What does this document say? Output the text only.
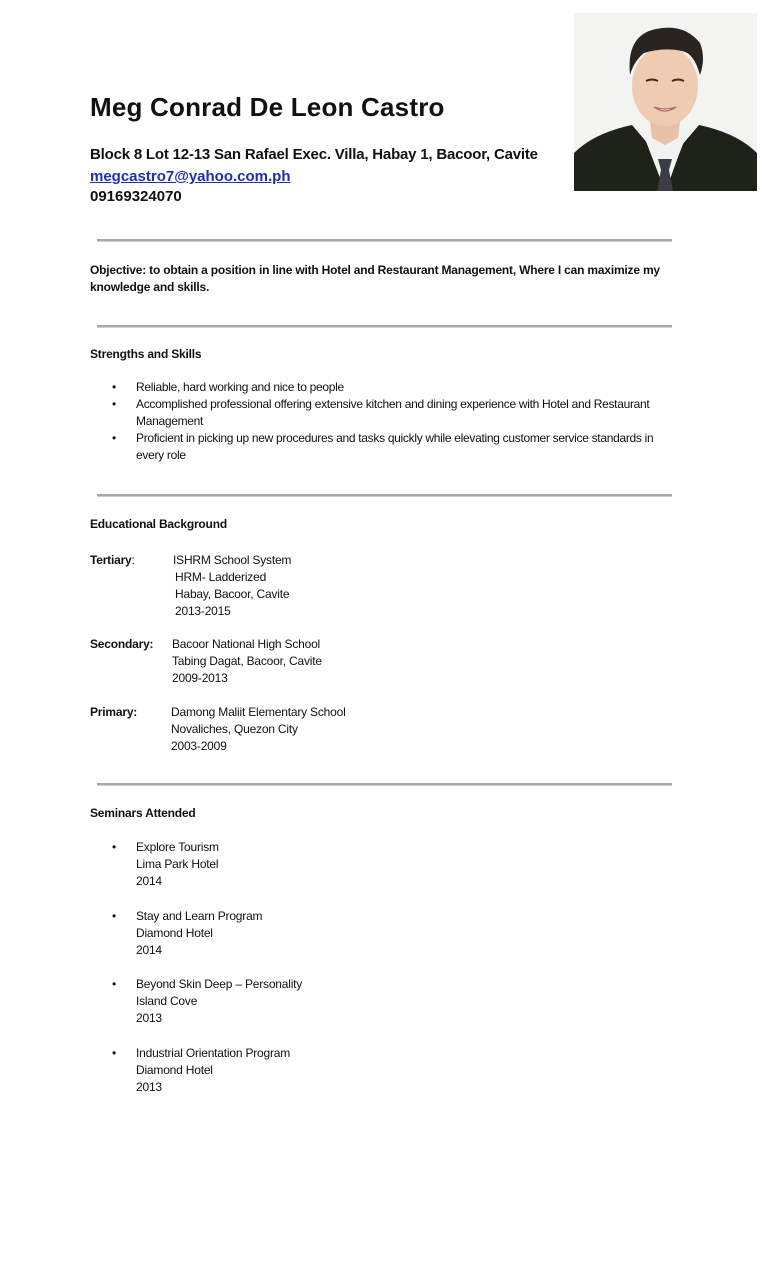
Meg Conrad De Leon Castro
Block 8 Lot 12-13 San Rafael Exec. Villa, Habay 1, Bacoor, Cavite
megcastro7@yahoo.com.ph
09169324070
Objective: to obtain a position in line with Hotel and Restaurant Management, Where I can maximize my knowledge and skills.
Strengths and Skills
• Reliable, hard working and nice to people
• Accomplished professional offering extensive kitchen and dining experience with Hotel and Restaurant Management
• Proficient in picking up new procedures and tasks quickly while elevating customer service standards in every role
Educational Background
Tertiary:	ISHRM School System
HRM- Ladderized
Habay, Bacoor, Cavite
2013-2015
Secondary: Bacoor National High School
Tabing Dagat, Bacoor, Cavite
2009-2013
Primary:	Damong Maliit Elementary School
Novaliches, Quezon City
2003-2009
Seminars Attended
• Explore Tourism
Lima Park Hotel
2014
• Stay and Learn Program
Diamond Hotel
2014
• Beyond Skin Deep – Personality
Island Cove
2013
• Industrial Orientation Program
Diamond Hotel
2013
